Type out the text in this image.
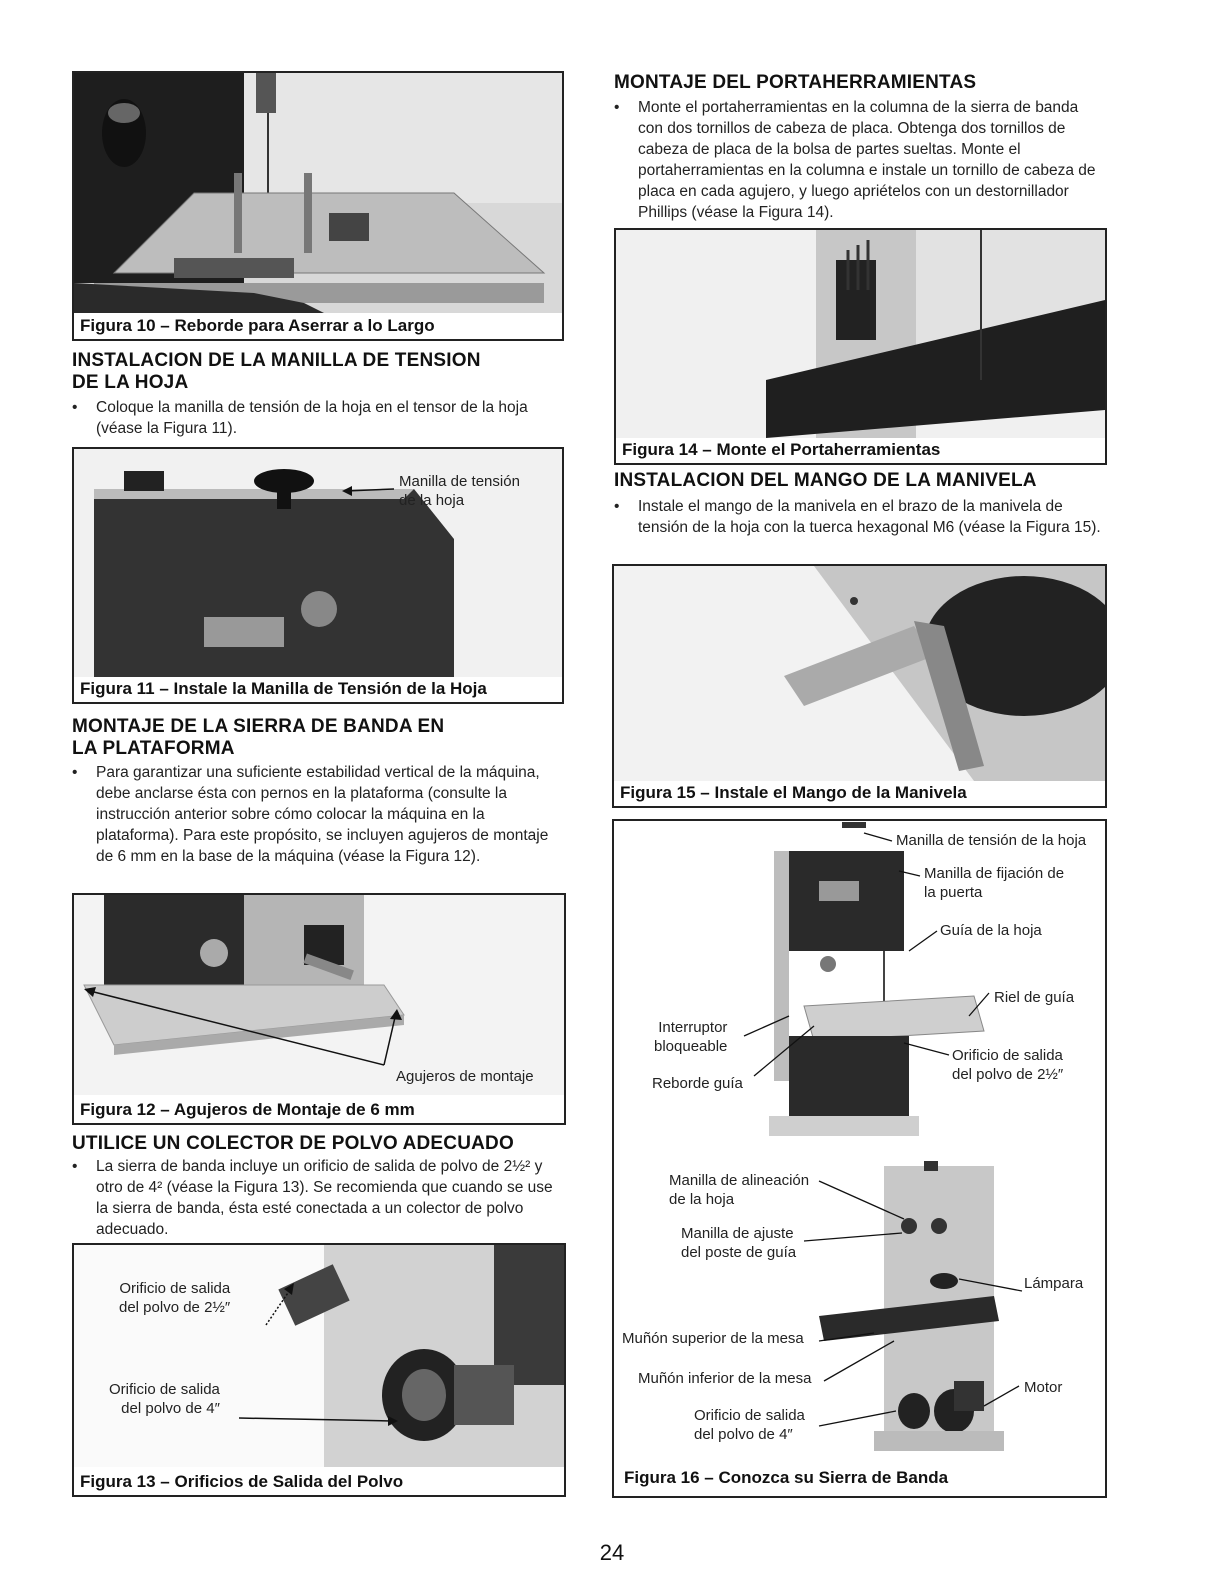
Figura 10 – Reborde para Aserrar a lo Largo
INSTALACION DE LA MANILLA DE TENSION
DE LA HOJA
•	Coloque la manilla de tensión de la hoja en el tensor de la hoja (véase la Figura 11).
Manilla de tensión
de la hoja
Figura 11 – Instale la Manilla de Tensión de la Hoja
MONTAJE DE LA SIERRA DE BANDA EN
LA PLATAFORMA
•	Para garantizar una suficiente estabilidad vertical de la máquina, debe anclarse ésta con pernos en la plataforma (consulte la instrucción anterior sobre cómo colocar la máquina en la plataforma). Para este propósito, se incluyen agujeros de montaje de 6 mm en la base de la máquina (véase la Figura 12).
Agujeros de montaje
Figura 12 – Agujeros de Montaje de 6 mm
UTILICE UN COLECTOR DE POLVO ADECUADO
•	La sierra de banda incluye un orificio de salida de polvo de 2½² y otro de 4² (véase la Figura 13). Se recomienda que cuando se use la sierra de banda, ésta esté conectada a un colector de polvo adecuado.
Orificio de salida
del polvo de 2½″
Orificio de salida
del polvo de 4″
Figura 13 – Orificios de Salida del Polvo
MONTAJE DEL PORTAHERRAMIENTAS
•	Monte el portaherramientas en la columna de la sierra de banda con dos tornillos de cabeza de placa. Obtenga dos tornillos de cabeza de placa de la bolsa de partes sueltas. Monte el portaherramientas en la columna e instale un tornillo de cabeza de placa en cada agujero, y luego apriételos con un destornillador Phillips (véase la Figura 14).
Figura 14 – Monte el Portaherramientas
INSTALACION DEL MANGO DE LA MANIVELA
•	Instale el mango de la manivela en el brazo de la manivela de tensión de la hoja con la tuerca hexagonal M6 (véase la Figura 15).
Figura 15 – Instale el Mango de la Manivela
Manilla de tensión de la hoja
Manilla de fijación de
la puerta
Guía de la hoja
Riel de guía
Interruptor
bloqueable
Reborde guía
Orificio de salida
del polvo de 2½″
Manilla de alineación
de la hoja
Manilla de ajuste
del poste de guía
Lámpara
Muñón superior de la mesa
Muñón inferior de la mesa
Motor
Orificio de salida
del polvo de 4″
Figura 16 – Conozca su Sierra de Banda
24
